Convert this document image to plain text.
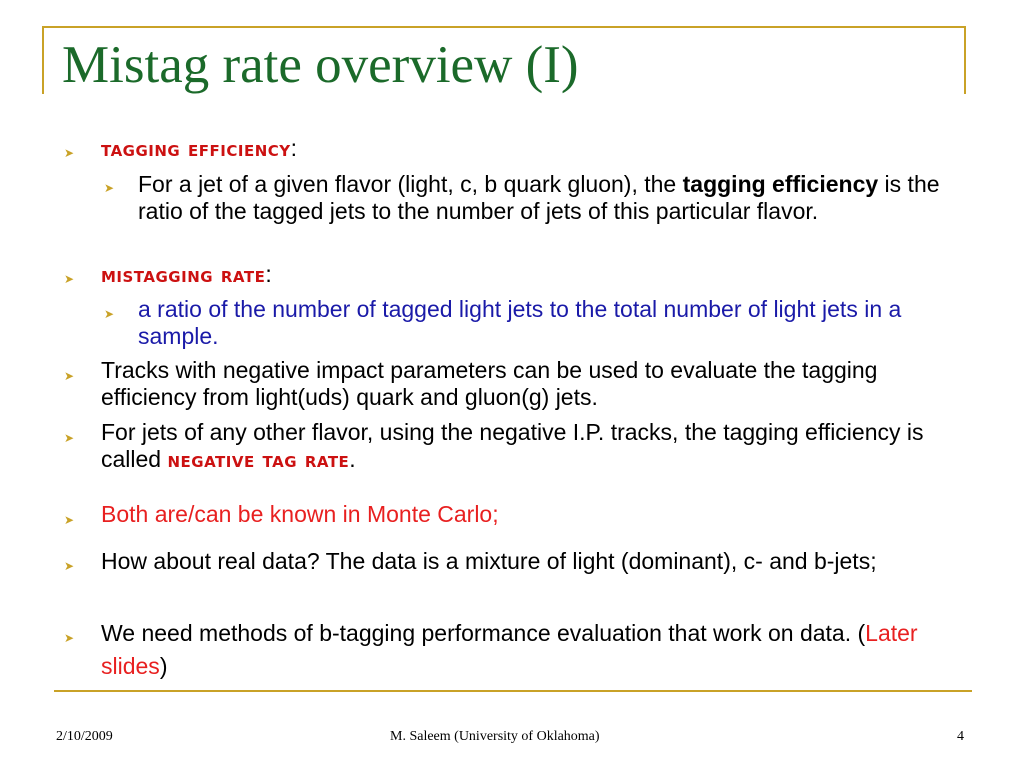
Mistag rate overview (I)
➤ tagging efficiency:
➤ For a jet of a given flavor (light, c, b quark gluon), the tagging efficiency is the ratio of the tagged jets to the number of jets of this particular flavor.
➤ mistagging rate:
➤ a ratio of the number of tagged light jets to the total number of light jets in a sample.
➤ Tracks with negative impact parameters can be used to evaluate the tagging efficiency from light(uds) quark and gluon(g) jets.
➤ For jets of any other flavor, using the negative I.P. tracks, the tagging efficiency is called negative tag rate.
➤ Both are/can be known in Monte Carlo;
➤ How about real data? The data is a mixture of light (dominant), c- and b-jets;
➤ We need methods of b-tagging performance evaluation that work on data. (Later slides)
2/10/2009	M. Saleem (University of Oklahoma)	4
